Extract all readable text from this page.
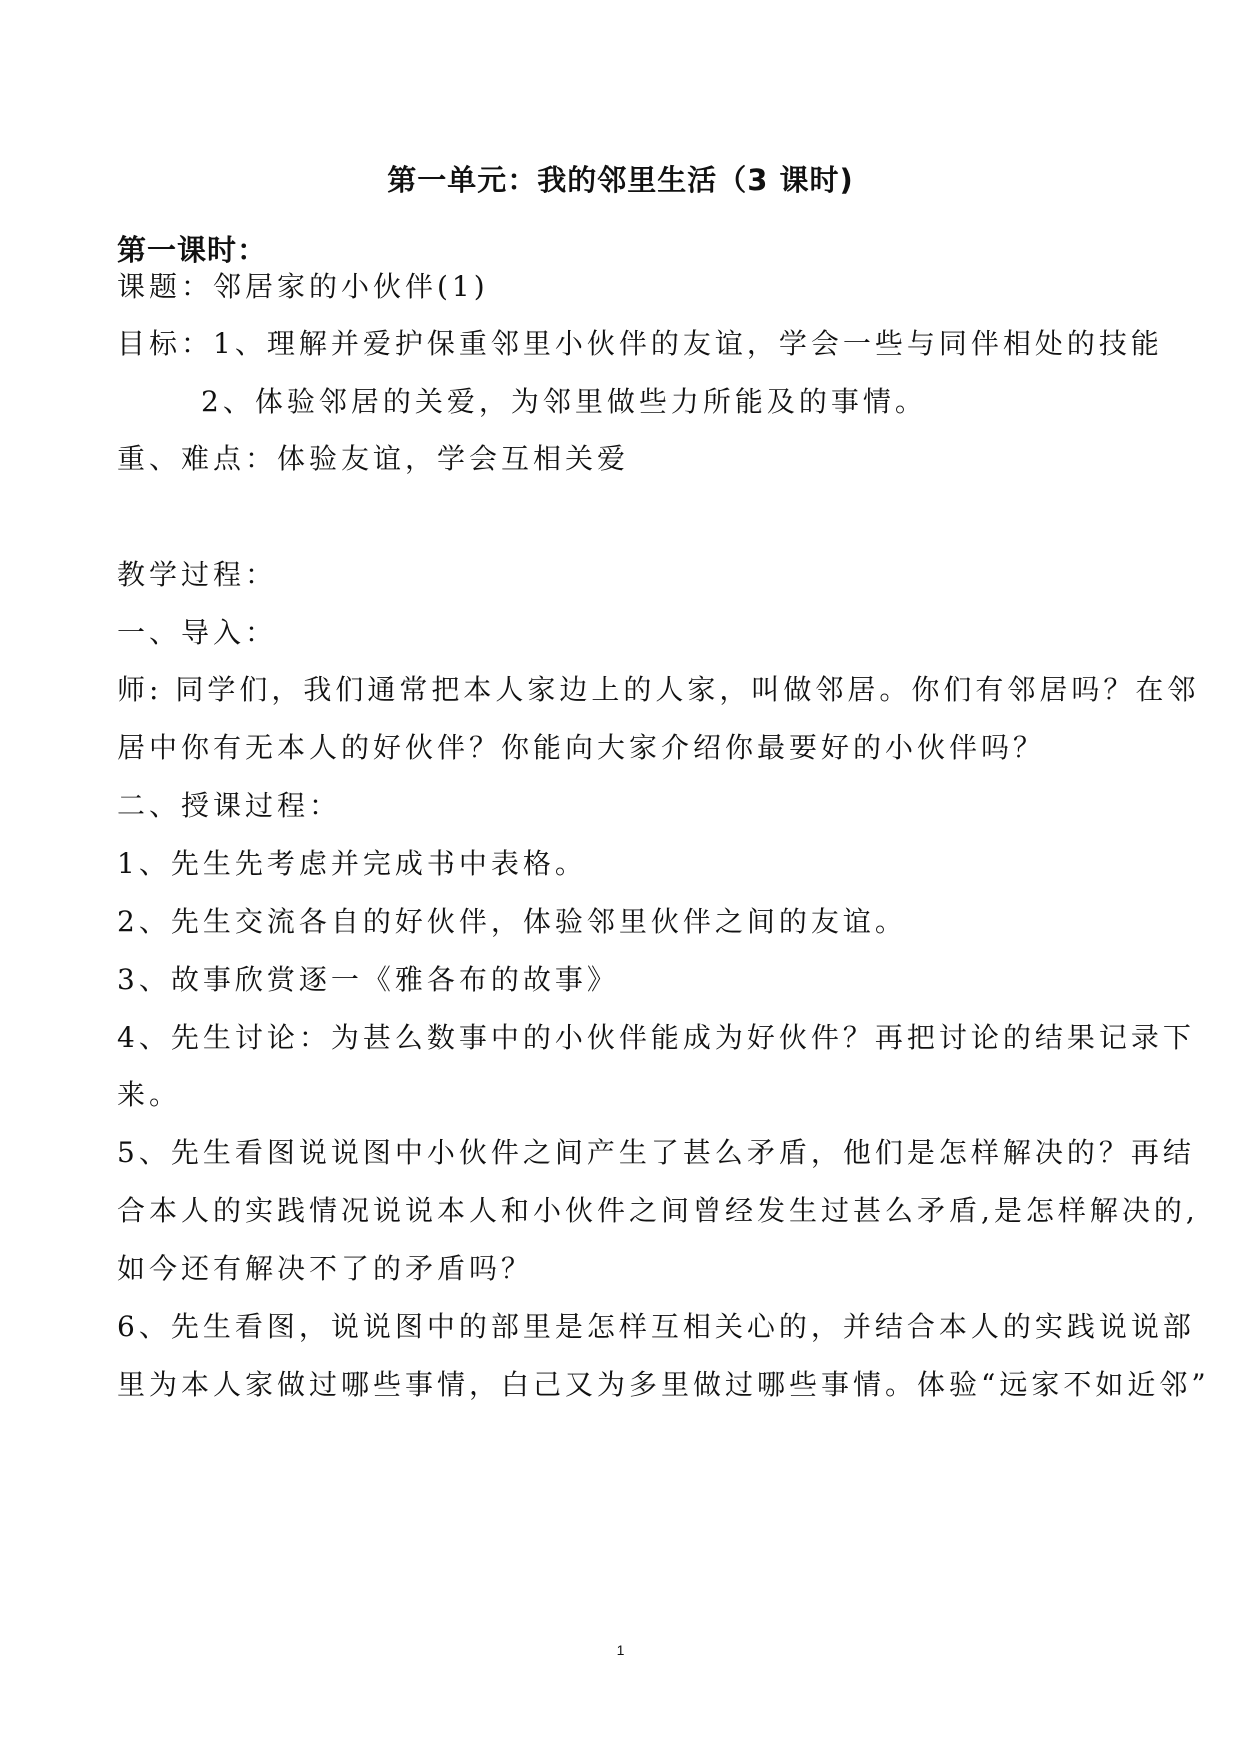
第一单元：我的邻里生活（3 课时)
第一课时：
课题：邻居家的小伙伴(1)
目标：1、理解并爱护保重邻里小伙伴的友谊，学会一些与同伴相处的技能
2、体验邻居的关爱，为邻里做些力所能及的事情。
重、难点：体验友谊，学会互相关爱
教学过程：
一、导入：
师: 同学们，我们通常把本人家边上的人家，叫做邻居。你们有邻居吗？在邻
居中你有无本人的好伙伴？你能向大家介绍你最要好的小伙伴吗？
二、授课过程：
1、先生先考虑并完成书中表格。
2、先生交流各自的好伙伴，体验邻里伙伴之间的友谊。
3、故事欣赏逐一《雅各布的故事》
4、先生讨论：为甚么数事中的小伙伴能成为好伙件？再把讨论的结果记录下
来。
5、先生看图说说图中小伙件之间产生了甚么矛盾，他们是怎样解决的？再结
合本人的实践情况说说本人和小伙件之间曾经发生过甚么矛盾,是怎样解决的,
如今还有解决不了的矛盾吗？
6、先生看图，说说图中的部里是怎样互相关心的，并结合本人的实践说说部
里为本人家做过哪些事情，白己又为多里做过哪些事情。体验“远家不如近邻”
1
